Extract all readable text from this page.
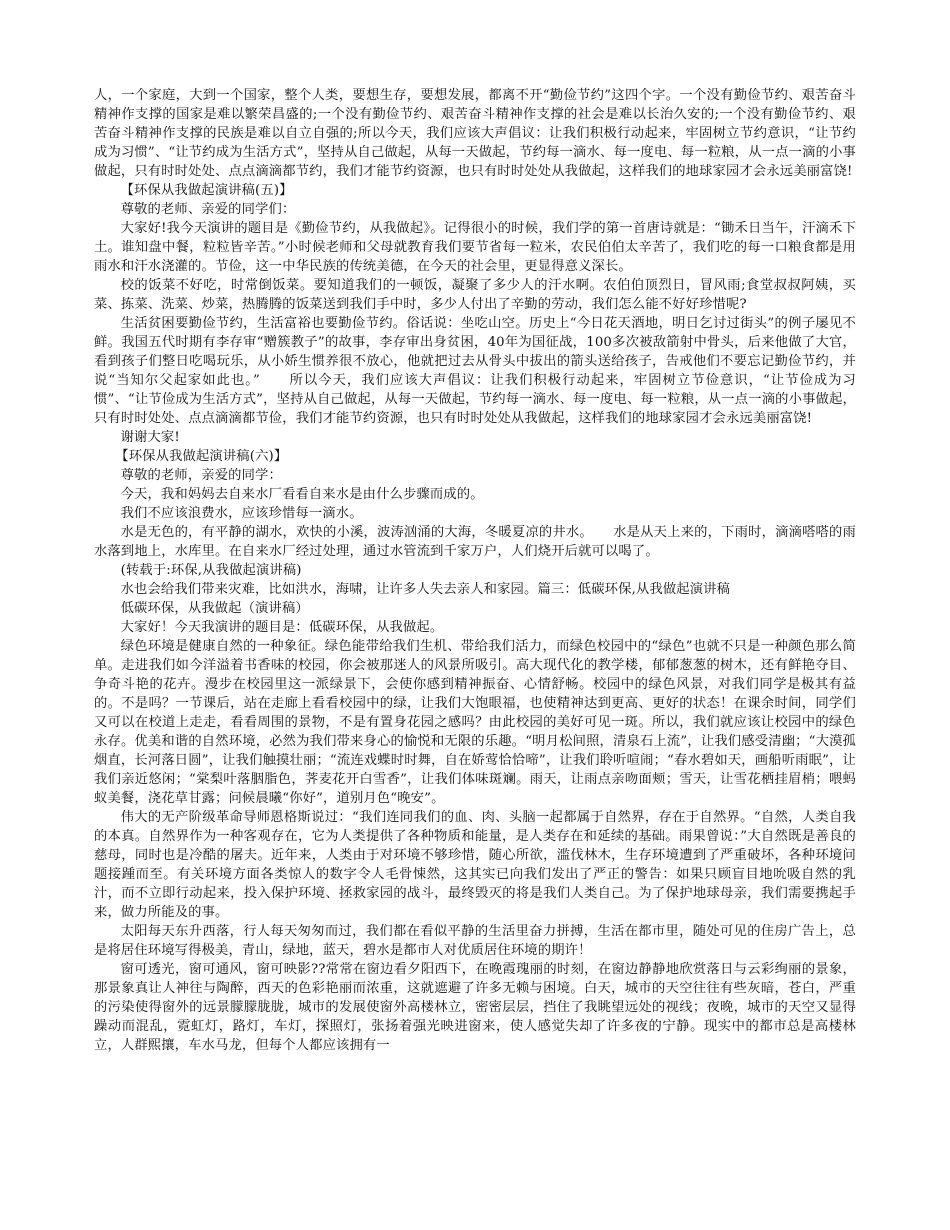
人，一个家庭，大到一个国家，整个人类，要想生存，要想发展，都离不开“勤俭节约”这四个字。一个没有勤俭节约、艰苦奋斗精神作支撑的国家是难以繁荣昌盛的;一个没有勤俭节约、艰苦奋斗精神作支撑的社会是难以长治久安的;一个没有勤俭节约、艰苦奋斗精神作支撑的民族是难以自立自强的;所以今天，我们应该大声倡议：让我们积极行动起来，牢固树立节约意识，“让节约成为习惯”、“让节约成为生活方式”，坚持从自己做起，从每一天做起，节约每一滴水、每一度电、每一粒粮，从一点一滴的小事做起，只有时时处处、点点滴滴都节约，我们才能节约资源，也只有时时处处从我做起，这样我们的地球家园才会永远美丽富饶!

【环保从我做起演讲稿(五)】

尊敬的老师、亲爱的同学们：

大家好!我今天演讲的题目是《勤俭节约，从我做起》。记得很小的时候，我们学的第一首唐诗就是：“锄禾日当午，汗滴禾下土。谁知盘中餐，粒粒皆辛苦。”小时候老师和父母就教育我们要节省每一粒米，农民伯伯太辛苦了，我们吃的每一口粮食都是用雨水和汗水浇灌的。节俭，这一中华民族的传统美德，在今天的社会里，更显得意义深长。

校的饭菜不好吃，时常倒饭菜。要知道我们的一顿饭，凝聚了多少人的汗水啊。农伯伯顶烈日，冒风雨;食堂叔叔阿姨，买菜、拣菜、洗菜、炒菜，热腾腾的饭菜送到我们手中时，多少人付出了辛勤的劳动，我们怎么能不好好珍惜呢?

生活贫困要勤俭节约，生活富裕也要勤俭节约。俗话说：坐吃山空。历史上“今日花天酒地，明日乞讨过街头”的例子屡见不鲜。我国五代时期有李存审“赠簇教子”的故事，李存审出身贫困，40年为国征战，100多次被敌箭射中骨头，后来他做了大官，看到孩子们整日吃喝玩乐，从小娇生惯养很不放心，他就把过去从骨头中拔出的箭头送给孩子，告戒他们不要忘记勤俭节约，并说“当知尔父起家如此也。”　　所以今天，我们应该大声倡议：让我们积极行动起来，牢固树立节俭意识，“让节俭成为习惯”、“让节俭成为生活方式”，坚持从自己做起，从每一天做起，节约每一滴水、每一度电、每一粒粮，从一点一滴的小事做起，只有时时处处、点点滴滴都节俭，我们才能节约资源，也只有时时处处从我做起，这样我们的地球家园才会永远美丽富饶!

谢谢大家!

【环保从我做起演讲稿(六)】

尊敬的老师，亲爱的同学：

今天，我和妈妈去自来水厂看看自来水是由什么步骤而成的。

我们不应该浪费水，应该珍惜每一滴水。

水是无色的，有平静的湖水，欢快的小溪，波涛汹涌的大海，冬暖夏凉的井水。　　水是从天上来的，下雨时，滴滴嗒嗒的雨水落到地上，水库里。在自来水厂经过处理，通过水管流到千家万户，人们烧开后就可以喝了。

(转载于:环保,从我做起演讲稿)

水也会给我们带来灾难，比如洪水，海啸，让许多人失去亲人和家园。篇三：低碳环保,从我做起演讲稿

低碳环保，从我做起（演讲稿）

大家好！今天我演讲的题目是：低碳环保，从我做起。

绿色环境是健康自然的一种象征。绿色能带给我们生机、带给我们活力，而绿色校园中的“绿色”也就不只是一种颜色那么简单。走进我们如今洋溢着书香味的校园，你会被那迷人的风景所吸引。高大现代化的教学楼，郁郁葱葱的树木，还有鲜艳夺目、争奇斗艳的花卉。漫步在校园里这一派绿景下，会使你感到精神振奋、心情舒畅。校园中的绿色风景，对我们同学是极其有益的。不是吗？一节课后，站在走廊上看看校园中的绿，让我们大饱眼福，也使精神达到更高、更好的状态！在课余时间，同学们又可以在校道上走走，看看周围的景物，不是有置身花园之感吗？由此校园的美好可见一斑。所以，我们就应该让校园中的绿色永存。优美和谐的自然环境，必然为我们带来身心的愉悦和无限的乐趣。“明月松间照，清泉石上流”，让我们感受清幽；“大漠孤烟直，长河落日圆”，让我们触摸壮丽；“流连戏蝶时时舞，自在娇莺恰恰啼”，让我们聆听喧闹；“春水碧如天，画船听雨眠”，让我们亲近悠闲；“棠梨叶落胭脂色，荠麦花开白雪香”，让我们体味斑斓。雨天，让雨点亲吻面颊；雪天，让雪花栖挂眉梢；喂蚂蚁美餐，浇花草甘露；问候晨曦“你好”，道别月色“晚安”。

伟大的无产阶级革命导师恩格斯说过：“我们连同我们的血、肉、头脑一起都属于自然界，存在于自然界。“自然，人类自我的本真。自然界作为一种客观存在，它为人类提供了各种物质和能量，是人类存在和延续的基础。雨果曾说：”大自然既是善良的慈母，同时也是冷酷的屠夫。近年来，人类由于对环境不够珍惜，随心所欲，滥伐林木，生存环境遭到了严重破坏，各种环境问题接踵而至。有关环境方面各类惊人的数字令人毛骨悚然，这其实已向我们发出了严正的警告：如果只顾盲目地吮吸自然的乳汁，而不立即行动起来，投入保护环境、拯救家园的战斗，最终毁灭的将是我们人类自己。为了保护地球母亲，我们需要携起手来，做力所能及的事。

太阳每天东升西落，行人每天匆匆而过，我们都在看似平静的生活里奋力拼搏，生活在都市里，随处可见的住房广告上，总是将居住环境写得极美，青山，绿地，蓝天，碧水是都市人对优质居住环境的期许！

窗可透光，窗可通风，窗可映影??常常在窗边看夕阳西下，在晚霞瑰丽的时刻，在窗边静静地欣赏落日与云彩绚丽的景象，那景象真让人神往与陶醉，西天的色彩艳丽而浓重，这就遮避了许多无赖与困境。白天，城市的天空往往有些灰暗，苍白，严重的污染使得窗外的远景朦朦胧胧，城市的发展使窗外高楼林立，密密层层，挡住了我眺望远处的视线；夜晚，城市的天空又显得躁动而混乱，霓虹灯，路灯，车灯，探照灯，张扬着强光映进窗来，使人感觉失却了许多夜的宁静。现实中的都市总是高楼林立，人群熙攘，车水马龙，但每个人都应该拥有一
